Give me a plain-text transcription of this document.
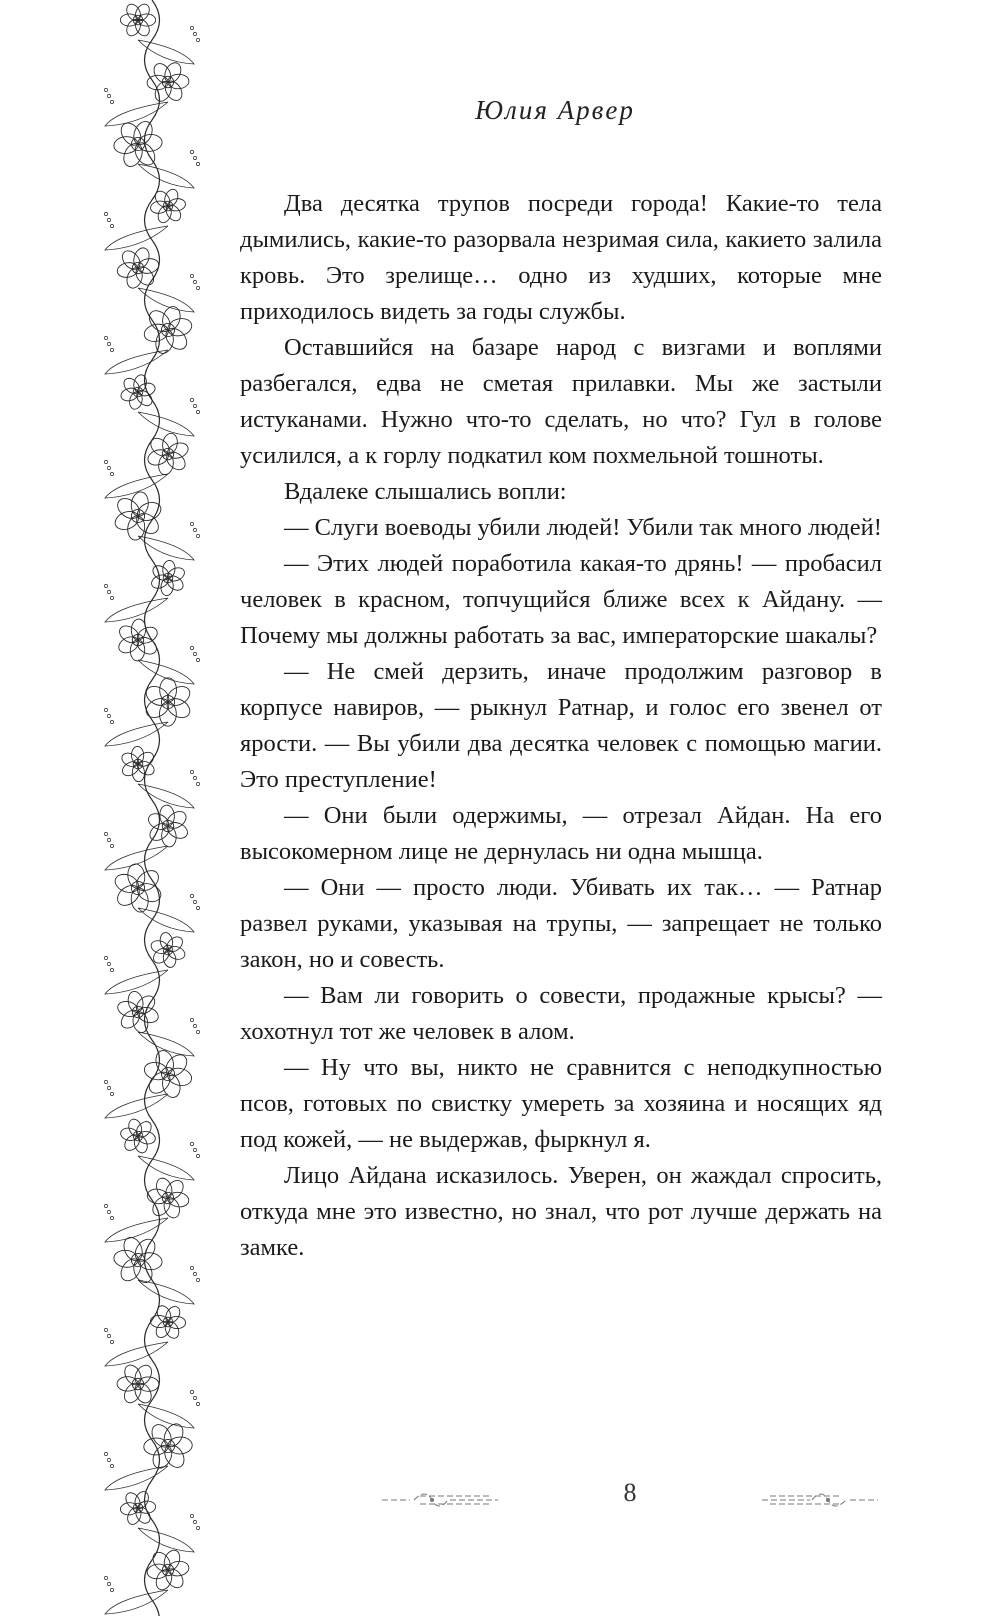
Юлия Арвер

Два десятка трупов посреди города! Какие-то тела дымились, какие-то разорвала незримая сила, какието залила кровь. Это зрелище… одно из худших, которые мне приходилось видеть за годы службы.

Оставшийся на базаре народ с визгами и воплями разбегался, едва не сметая прилавки. Мы же застыли истуканами. Нужно что-то сделать, но что? Гул в голове усилился, а к горлу подкатил ком похмельной тошноты.

Вдалеке слышались вопли:

— Слуги воеводы убили людей! Убили так много людей!

— Этих людей поработила какая-то дрянь! — пробасил человек в красном, топчущийся ближе всех к Айдану. — Почему мы должны работать за вас, императорские шакалы?

— Не смей дерзить, иначе продолжим разговор в корпусе навиров, — рыкнул Ратнар, и голос его звенел от ярости. — Вы убили два десятка человек с помощью магии. Это преступление!

— Они были одержимы, — отрезал Айдан. На его высокомерном лице не дернулась ни одна мышца.

— Они — просто люди. Убивать их так… — Ратнар развел руками, указывая на трупы, — запрещает не только закон, но и совесть.

— Вам ли говорить о совести, продажные крысы? — хохотнул тот же человек в алом.

— Ну что вы, никто не сравнится с неподкупностью псов, готовых по свистку умереть за хозяина и носящих яд под кожей, — не выдержав, фыркнул я.

Лицо Айдана исказилось. Уверен, он жаждал спросить, откуда мне это известно, но знал, что рот лучше держать на замке.

8
